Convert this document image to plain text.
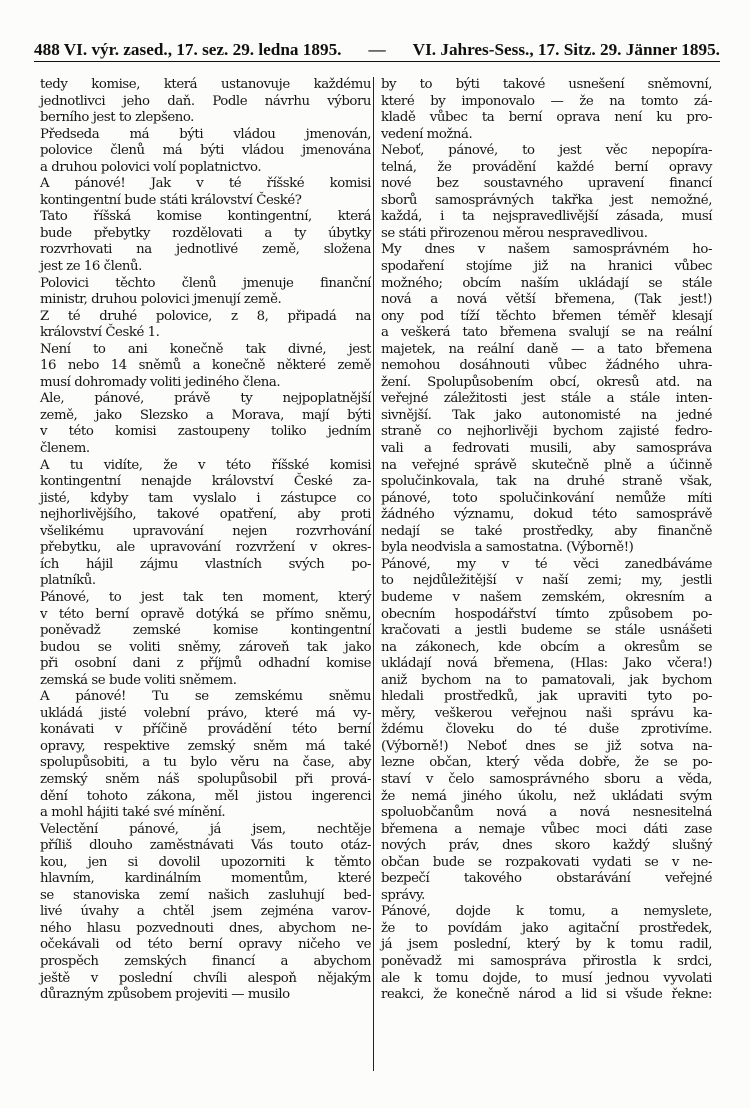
488 VI. výr. zased., 17. sez. 29. ledna 1895. — VI. Jahres-Sess., 17. Sitz. 29. Jänner 1895.
tedy komise, která ustanovuje každému
jednotlivci jeho daň. Podle návrhu výboru
berního jest to zlepšeno.
Předseda má býti vládou jmenován,
polovice členů má býti vládou jmenována
a druhou polovici volí poplatnictvo.
A pánové! Jak v té říšské komisi
kontingentní bude státi království České?
Tato říšská komise kontingentní, která
bude přebytky rozdělovati a ty úbytky
rozvrhovati na jednotlivé země, složena
jest ze 16 členů.
Polovici těchto členů jmenuje finanční
ministr, druhou polovici jmenují země.
Z té druhé polovice, z 8, připadá na
království České 1.
Není to ani konečně tak divné, jest
16 nebo 14 sněmů a konečně některé země
musí dohromady voliti jediného člena.
Ale, pánové, právě ty nejpoplatnější
země, jako Slezsko a Morava, mají býti
v této komisi zastoupeny toliko jedním
členem.
A tu vidíte, že v této říšské komisi
kontingentní nenajde království České za-
jisté, kdyby tam vyslalo i zástupce co
nejhorlivějšího, takové opatření, aby proti
všelikému upravování nejen rozvrhování
přebytku, ale upravování rozvržení v okres-
ích hájil zájmu vlastních svých po-
platníků.
Pánové, to jest tak ten moment, který
v této berní opravě dotýká se přímo sněmu,
poněvadž zemské komise kontingentní
budou se voliti sněmy, zároveň tak jako
při osobní dani z příjmů odhadní komise
zemská se bude voliti sněmem.
A pánové! Tu se zemskému sněmu
ukládá jisté volební právo, které má vy-
konávati v příčině provádění této berní
opravy, respektive zemský sněm má také
spolupůsobiti, a tu bylo věru na čase, aby
zemský sněm náš spolupůsobil při prová-
dění tohoto zákona, měl jistou ingerenci
a mohl hájiti také své mínění.
Velectění pánové, já jsem, nechtěje
příliš dlouho zaměstnávati Vás touto otáz-
kou, jen si dovolil upozorniti k těmto
hlavním, kardinálním momentům, které
se stanoviska zemí našich zasluhují bed-
livé úvahy a chtěl jsem zejména varov-
ného hlasu pozvednouti dnes, abychom ne-
očekávali od této berní opravy ničeho ve
prospěch zemských financí a abychom
ještě v poslední chvíli alespoň nějakým
důrazným způsobem projeviti — musilo
by to býti takové usnešení sněmovní,
které by imponovalo — že na tomto zá-
kladě vůbec ta berní oprava není ku pro-
vedení možná.
Neboť, pánové, to jest věc nepopíra-
telná, že provádění každé berní opravy
nové bez soustavného upravení financí
sborů samosprávných takřka jest nemožné,
každá, i ta nejspravedlivější zásada, musí
se státi přirozenou měrou nespravedlivou.
My dnes v našem samosprávném ho-
spodaření stojíme již na hranici vůbec
možného; obcím naším ukládají se stále
nová a nová větší břemena, (Tak jest!)
ony pod tíží těchto břemen téměř klesají
a veškerá tato břemena svalují se na reální
majetek, na reální daně — a tato břemena
nemohou dosáhnouti vůbec žádného uhra-
žení. Spolupůsobením obcí, okresů atd. na
veřejné záležitosti jest stále a stále inten-
sivnější. Tak jako autonomisté na jedné
straně co nejhorlivěji bychom zajisté fedro-
vali a fedrovati musili, aby samospráva
na veřejné správě skutečně plně a účinně
spolučinkovala, tak na druhé straně však,
pánové, toto spolučinkování nemůže míti
žádného významu, dokud této samosprávě
nedají se také prostředky, aby finančně
byla neodvisla a samostatna. (Výborně!)
Pánové, my v té věci zanedbáváme
to nejdůležitější v naší zemi; my, jestli
budeme v našem zemském, okresním a
obecním hospodářství tímto způsobem po-
kračovati a jestli budeme se stále usnášeti
na zákonech, kde obcím a okresům se
ukládají nová břemena, (Hlas: Jako včera!)
aniž bychom na to pamatovali, jak bychom
hledali prostředků, jak upraviti tyto po-
měry, veškerou veřejnou naši správu ka-
ždému človeku do té duše zprotivíme.
(Výborně!) Neboť dnes se již sotva na-
lezne občan, který věda dobře, že se po-
staví v čelo samosprávného sboru a věda,
že nemá jiného úkolu, než ukládati svým
spoluobčanům nová a nová nesnesitelná
břemena a nemaje vůbec moci dáti zase
nových práv, dnes skoro každý slušný
občan bude se rozpakovati vydati se v ne-
bezpečí takového obstarávání veřejné
správy.
Pánové, dojde k tomu, a nemyslete,
že to povídám jako agitační prostředek,
já jsem poslední, který by k tomu radil,
poněvadž mi samospráva přirostla k srdci,
ale k tomu dojde, to musí jednou vyvolati
reakci, že konečně národ a lid si všude řekne:
